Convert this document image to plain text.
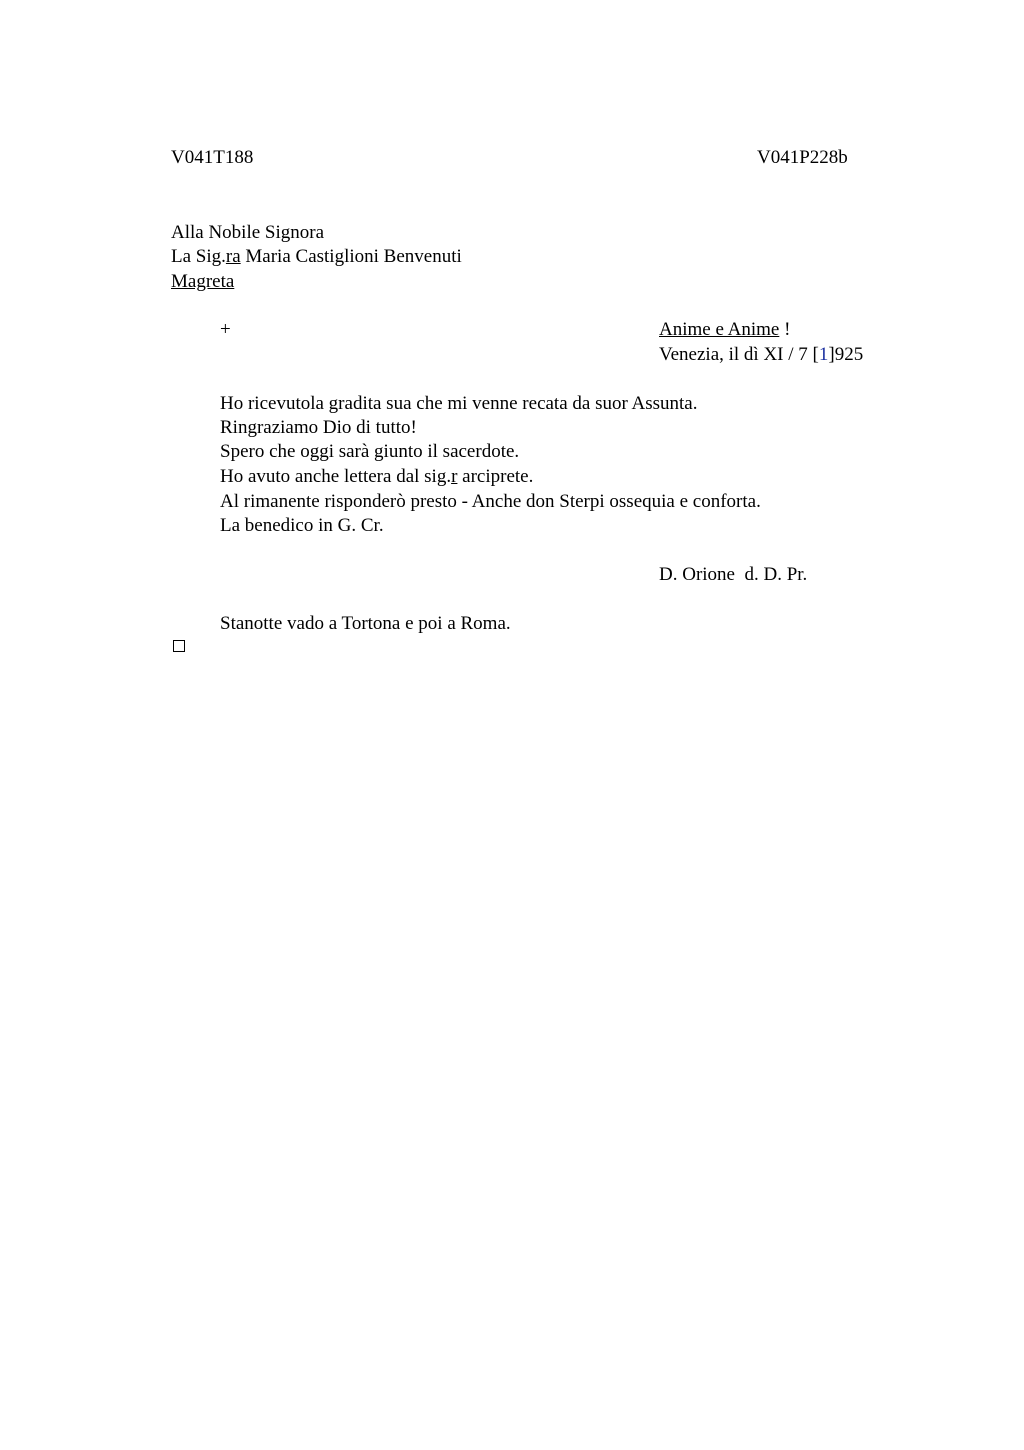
V041T188	V041P228b
Alla Nobile Signora
La Sig.ra Maria Castiglioni Benvenuti
Magreta
+	Anime e Anime !
Venezia, il dì XI / 7 [1]925
Ho ricevutola gradita sua che mi venne recata da suor Assunta.
Ringraziamo Dio di tutto!
Spero che oggi sarà giunto il sacerdote.
Ho avuto anche lettera dal sig.r arciprete.
Al rimanente risponderò presto - Anche don Sterpi ossequia e conforta.
La benedico in G. Cr.
D. Orione  d. D. Pr.
Stanotte vado a Tortona e poi a Roma.
